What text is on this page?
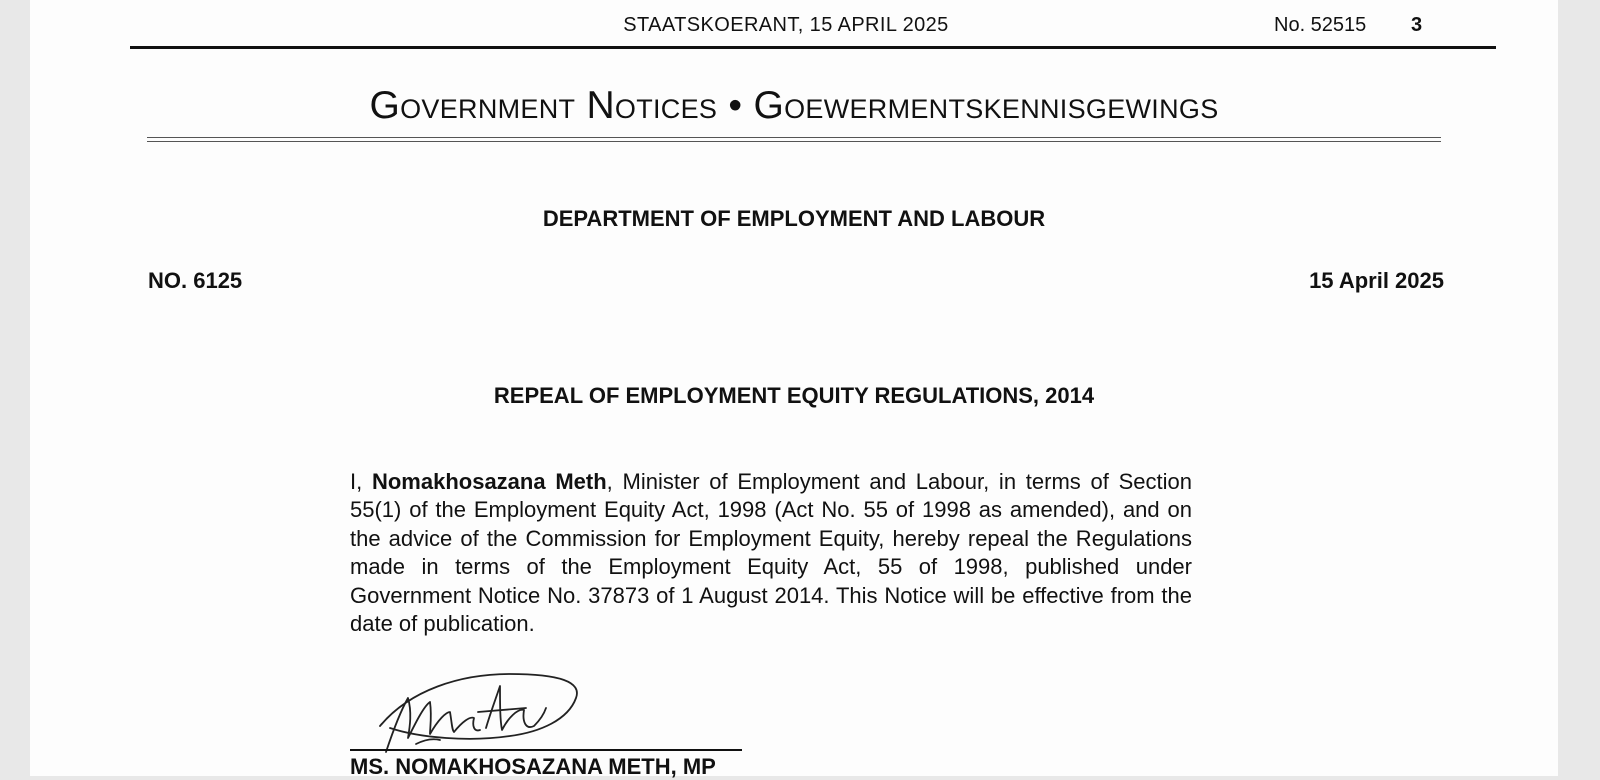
STAATSKOERANT, 15 APRIL 2025	No. 52515 3
Government Notices • Goewermentskennisgewings
DEPARTMENT OF EMPLOYMENT AND LABOUR
NO. 6125	15 April 2025
REPEAL OF EMPLOYMENT EQUITY REGULATIONS, 2014

I, Nomakhosazana Meth, Minister of Employment and Labour, in terms of Section 55(1) of the Employment Equity Act, 1998 (Act No. 55 of 1998 as amended), and on the advice of the Commission for Employment Equity, hereby repeal the Regulations made in terms of the Employment Equity Act, 55 of 1998, published under Government Notice No. 37873 of 1 August 2014. This Notice will be effective from the date of publication.

MS. NOMAKHOSAZANA METH, MP
